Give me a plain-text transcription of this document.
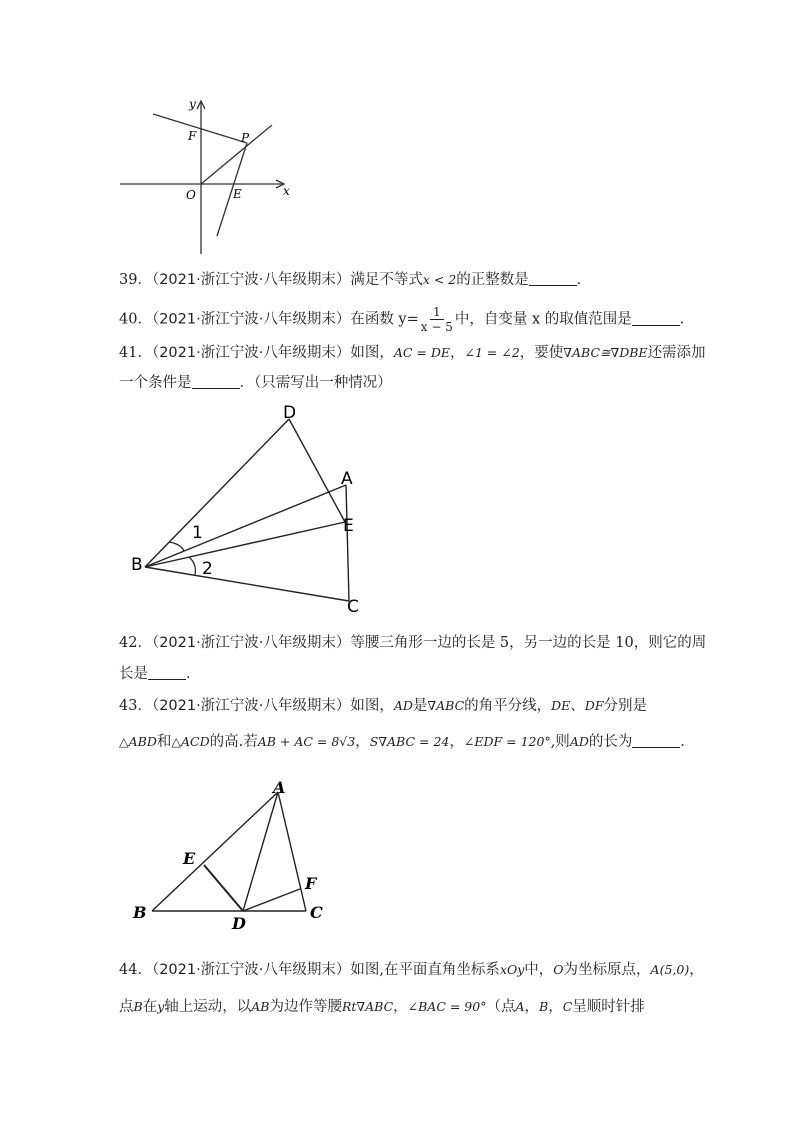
y
x
F	P
O	E
39．（2021·浙江宁波·八年级期末）满足不等式x < 2的正整数是	．
40．（2021·浙江宁波·八年级期末）在函数 $y= \frac{1}{x - 5}$ 中，自变量 x 的取值范围是	．
41．（2021·浙江宁波·八年级期末）如图，AC = DE，∠1 = ∠2，要使∇ABC≅∇DBE还需添加
一个条件是	．（只需写出一种情况）
D
A
E
B
C
1
2
42．（2021·浙江宁波·八年级期末）等腰三角形一边的长是 5，另一边的长是 10，则它的周
长是	．
43．（2021·浙江宁波·八年级期末）如图，AD是∇ABC的角平分线，DE、DF分别是
△ABD和△ACD的高.若AB + AC = 8√3，S∇ABC = 24，∠EDF = 120°,则AD的长为	．
A
E
F
B
D
C
44．（2021·浙江宁波·八年级期末）如图,在平面直角坐标系xOy中，O为坐标原点，A(5,0)，
点B在y轴上运动，以AB为边作等腰Rt∇ABC，∠BAC = 90°（点A，B，C呈顺时针排
